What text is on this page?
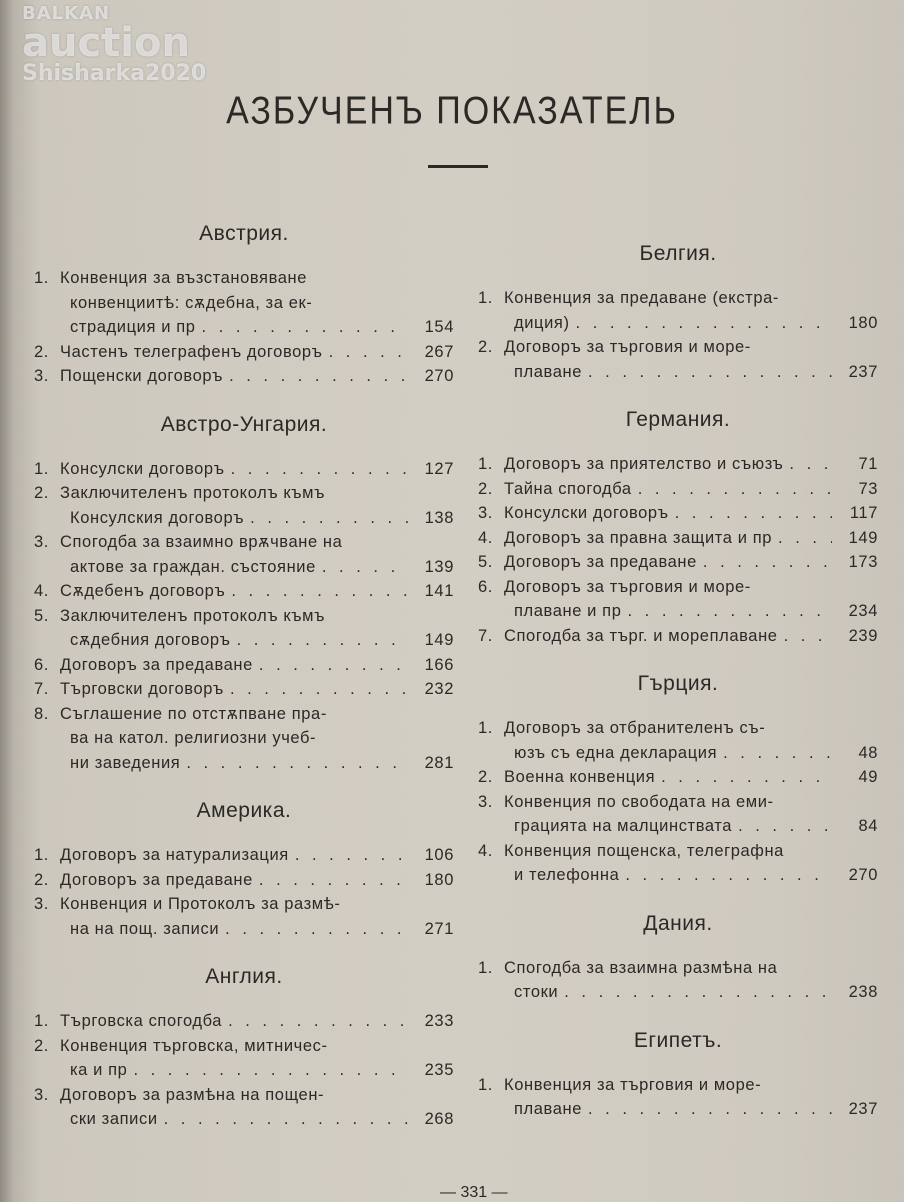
BALKAN
auction
Shisharka2020
АЗБУЧЕНЪ ПОКАЗАТЕЛЬ
Австрия.
1. Конвенция за възстановяване
конвенциитѣ: сѫдебна, за ек-
страдиция и пр . . .	154
2. Частенъ телеграфенъ договоръ . . .	267
3. Пощенски договоръ . . .	270
Австро-Унгария.
1. Консулски договоръ . . .	127
2. Заключителенъ протоколъ къмъ
Консулския договоръ . . .	138
3. Спогодба за взаимно врѫчване на
актове за граждан. състояние . . .	139
4. Сѫдебенъ договоръ . . .	141
5. Заключителенъ протоколъ къмъ
сѫдебния договоръ . . .	149
6. Договоръ за предаване . . .	166
7. Търговски договоръ . . .	232
8. Съглашение по отстѫпване пра-
ва на катол. религиозни учеб-
ни заведения . . .	281
Америка.
1. Договоръ за натурализация . . .	106
2. Договоръ за предаване . . .	180
3. Конвенция и Протоколъ за размѣ-
на на пощ. записи . . .	271
Англия.
1. Търговска спогодба . . .	233
2. Конвенция търговска, митничес-
ка и пр . . .	235
3. Договоръ за размѣна на пощен-
ски записи . . .	268
Белгия.
1. Конвенция за предаване (екстра-
диция) . . .	180
2. Договоръ за търговия и море-
плаване . . .	237
Германия.
1. Договоръ за приятелство и съюзъ . . .	71
2. Тайна спогодба . . .	73
3. Консулски договоръ . . .	117
4. Договоръ за правна защита и пр . . .	149
5. Договоръ за предаване . . .	173
6. Договоръ за търговия и море-
плаване и пр . . .	234
7. Спогодба за търг. и мореплаване . . .	239
Гърция.
1. Договоръ за отбранителенъ съ-
юзъ съ една декларация . . .	48
2. Военна конвенция . . .	49
3. Конвенция по свободата на еми-
грацията на малцинствата . . .	84
4. Конвенция пощенска, телеграфна
и телефонна . . .	270
Дания.
1. Спогодба за взаимна размѣна на
стоки . . .	238
Египетъ.
1. Конвенция за търговия и море-
плаване . . .	237
— 331 —
